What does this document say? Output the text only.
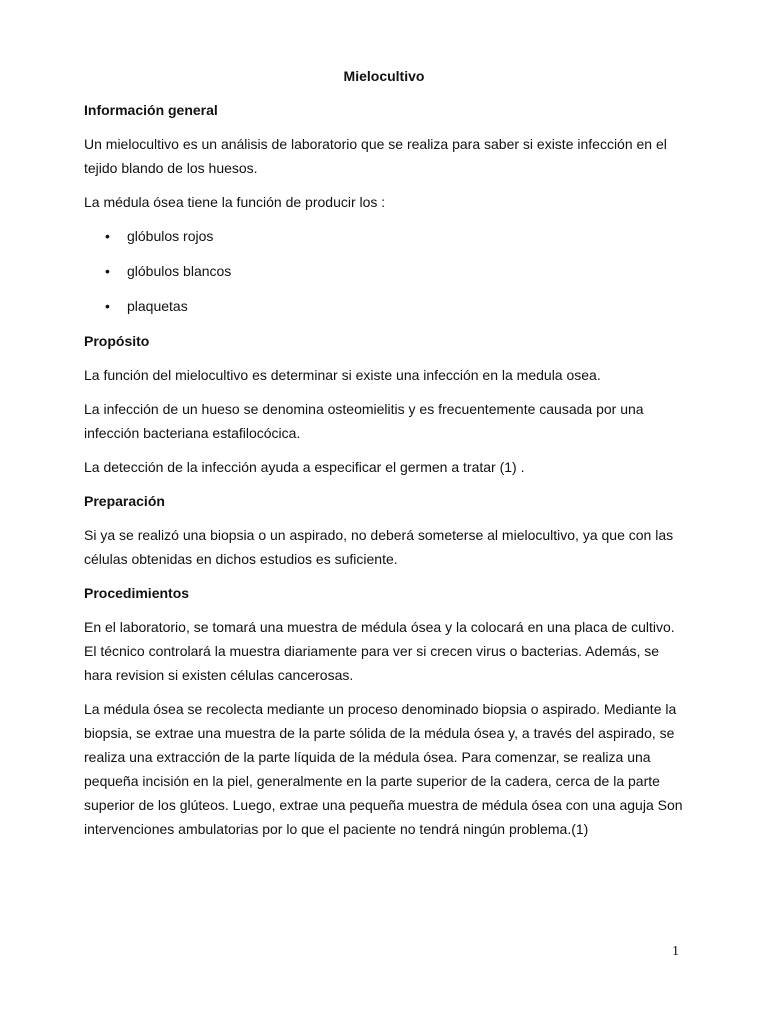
Mielocultivo
Información general

Un mielocultivo es un análisis de laboratorio que se realiza para saber si existe infección en el tejido blando de los huesos.

La médula ósea tiene la función de producir los :

• glóbulos rojos
• glóbulos blancos
• plaquetas
Propósito

La función del mielocultivo es determinar si existe una infección en la medula osea.

La infección de un hueso se denomina osteomielitis y es frecuentemente causada por una infección bacteriana estafilocócica.

La detección de la infección ayuda a especificar el germen a tratar (1) .

Preparación

Si ya se realizó una biopsia o un aspirado, no deberá someterse al mielocultivo, ya que con las células obtenidas en dichos estudios es suficiente.

Procedimientos

En el laboratorio, se tomará una muestra de médula ósea y la colocará en una placa de cultivo. El técnico controlará la muestra diariamente para ver si crecen virus o bacterias. Además, se hara revision si existen células cancerosas.

La médula ósea se recolecta mediante un proceso denominado biopsia o aspirado. Mediante la biopsia, se extrae una muestra de la parte sólida de la médula ósea y, a través del aspirado, se realiza una extracción de la parte líquida de la médula ósea. Para comenzar, se realiza una pequeña incisión en la piel, generalmente en la parte superior de la cadera, cerca de la parte superior de los glúteos. Luego, extrae una pequeña muestra de médula ósea con una aguja Son intervenciones ambulatorias por lo que el paciente no tendrá ningún problema.(1)

1
